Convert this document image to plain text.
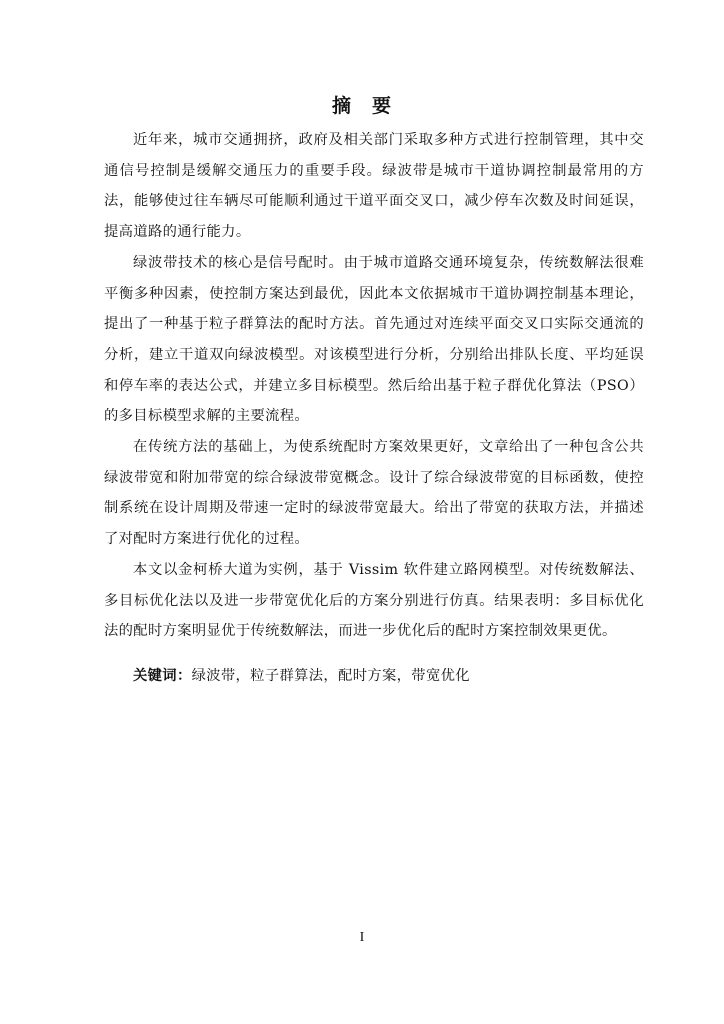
摘　要

近年来，城市交通拥挤，政府及相关部门采取多种方式进行控制管理，其中交通信号控制是缓解交通压力的重要手段。绿波带是城市干道协调控制最常用的方法，能够使过往车辆尽可能顺利通过干道平面交叉口，减少停车次数及时间延误，提高道路的通行能力。

绿波带技术的核心是信号配时。由于城市道路交通环境复杂，传统数解法很难平衡多种因素，使控制方案达到最优，因此本文依据城市干道协调控制基本理论，提出了一种基于粒子群算法的配时方法。首先通过对连续平面交叉口实际交通流的分析，建立干道双向绿波模型。对该模型进行分析，分别给出排队长度、平均延误和停车率的表达公式，并建立多目标模型。然后给出基于粒子群优化算法（PSO）的多目标模型求解的主要流程。

在传统方法的基础上，为使系统配时方案效果更好，文章给出了一种包含公共绿波带宽和附加带宽的综合绿波带宽概念。设计了综合绿波带宽的目标函数，使控制系统在设计周期及带速一定时的绿波带宽最大。给出了带宽的获取方法，并描述了对配时方案进行优化的过程。

本文以金柯桥大道为实例，基于 Vissim 软件建立路网模型。对传统数解法、多目标优化法以及进一步带宽优化后的方案分别进行仿真。结果表明：多目标优化法的配时方案明显优于传统数解法，而进一步优化后的配时方案控制效果更优。

关键词：绿波带，粒子群算法，配时方案，带宽优化
I
